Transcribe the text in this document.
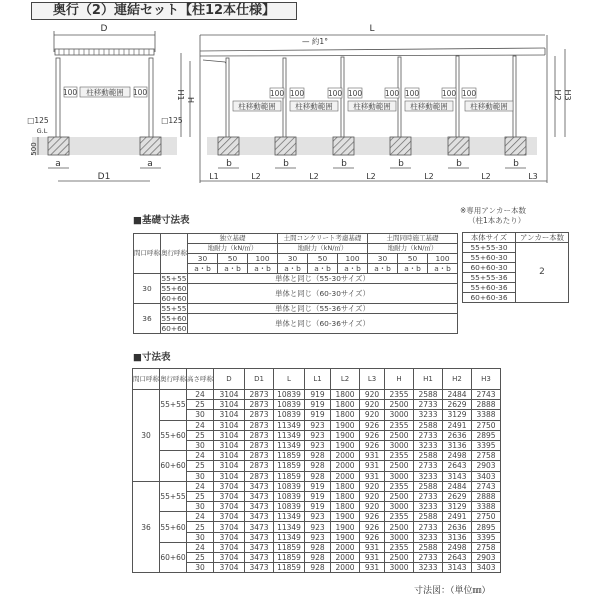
奥行（2）連結セット【柱12本仕様】
D
a	a
D1
□125	□125
G.L
500
L
— 約1°
b	b	b	b	b	b
L1	L2	L2	L2	L2	L2	L3
H1 H	H2 H3
100 柱移動範囲 100	100
柱移動範囲
100	100
柱移動範囲
100	100
柱移動範囲
100	100
柱移動範囲
100
柱移動範囲
■基礎寸法表
間口呼称	奥行呼称	独立基礎			土間コンクリート考慮基礎			土間同時施工基礎		
		地耐力（kN/㎡）			地耐力（kN/㎡）			地耐力（kN/㎡）		
		30	50	100	30	50	100	30	50	100
		a・b	a・b	a・b	a・b	a・b	a・b	a・b	a・b	a・b
30	55+55	単体と同じ（55-30サイズ）								
	55+60	単体と同じ（60-30サイズ）								
	60+60									
36	55+55	単体と同じ（55-36サイズ）								
	55+60	単体と同じ（60-36サイズ）								
	60+60									
※専用アンカー本数
（柱1本あたり）
本体サイズ	アンカー本数
55+55-30	2
55+60-30	
60+60-30	
55+55-36	
55+60-36	
60+60-36	
■寸法表
間口呼称	奥行呼称	高さ呼称	D	D1	L	L1	L2	L3	H	H1	H2	H3
30	55+55	24	3104	2873	10839	919	1800	920	2355	2588	2484	2743
		25	3104	2873	10839	919	1800	920	2500	2733	2629	2888
		30	3104	2873	10839	919	1800	920	3000	3233	3129	3388
	55+60	24	3104	2873	11349	923	1900	926	2355	2588	2491	2750
		25	3104	2873	11349	923	1900	926	2500	2733	2636	2895
		30	3104	2873	11349	923	1900	926	3000	3233	3136	3395
	60+60	24	3104	2873	11859	928	2000	931	2355	2588	2498	2758
		25	3104	2873	11859	928	2000	931	2500	2733	2643	2903
		30	3104	2873	11859	928	2000	931	3000	3233	3143	3403
36	55+55	24	3704	3473	10839	919	1800	920	2355	2588	2484	2743
		25	3704	3473	10839	919	1800	920	2500	2733	2629	2888
		30	3704	3473	10839	919	1800	920	3000	3233	3129	3388
	55+60	24	3704	3473	11349	923	1900	926	2355	2588	2491	2750
		25	3704	3473	11349	923	1900	926	2500	2733	2636	2895
		30	3704	3473	11349	923	1900	926	3000	3233	3136	3395
	60+60	24	3704	3473	11859	928	2000	931	2355	2588	2498	2758
		25	3704	3473	11859	928	2000	931	2500	2733	2643	2903
		30	3704	3473	11859	928	2000	931	3000	3233	3143	3403
寸法図：（単位㎜）
